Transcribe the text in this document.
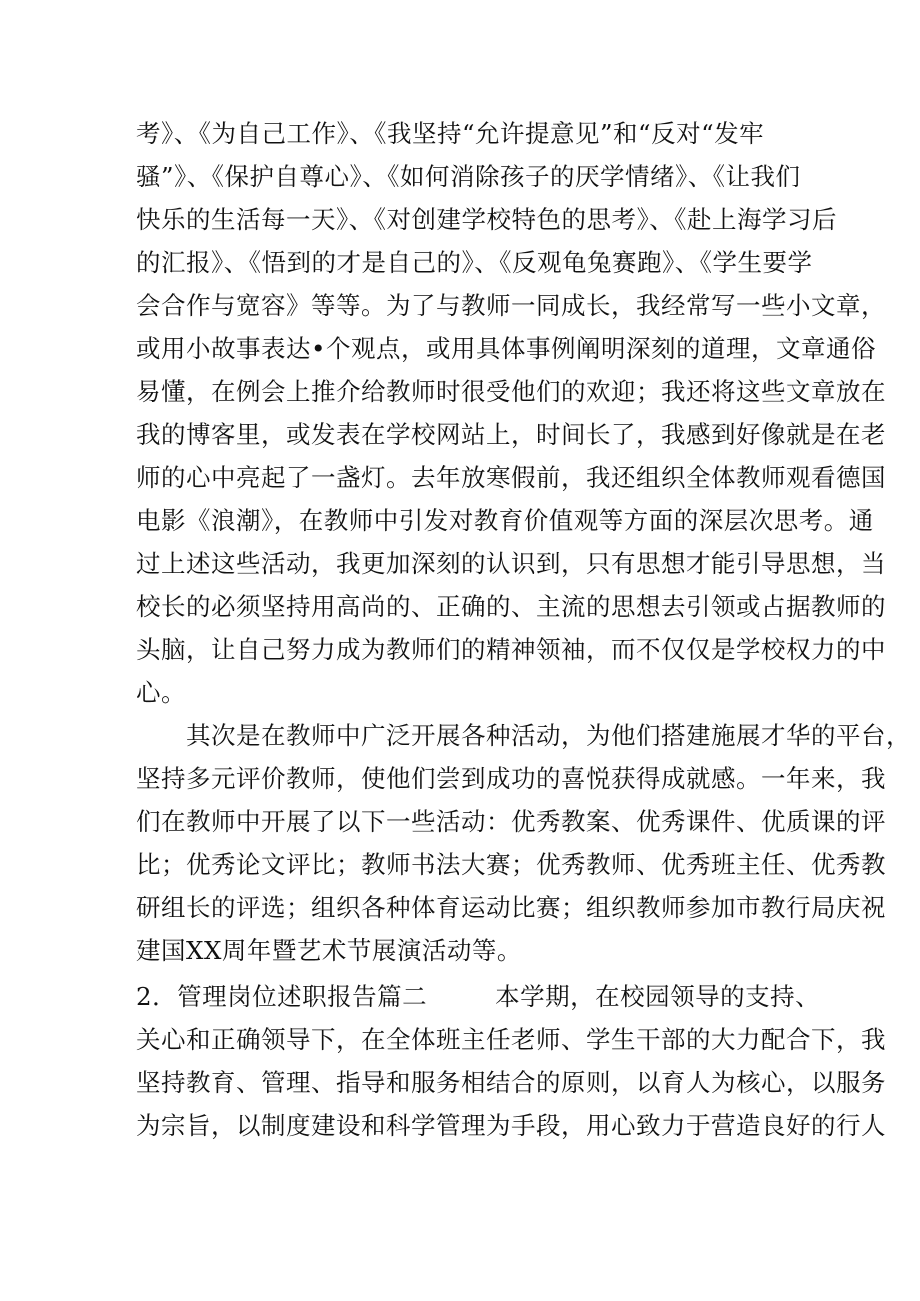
考》、《为自己工作》、《我坚持“允许提意见”和“反对“发牢
骚”》、《保护自尊心》、《如何消除孩子的厌学情绪》、《让我们
快乐的生活每一天》、《对创建学校特色的思考》、《赴上海学习后
的汇报》、《悟到的才是自己的》、《反观龟兔赛跑》、《学生要学
会合作与宽容》等等。为了与教师一同成长，我经常写一些小文章，
或用小故事表达•个观点，或用具体事例阐明深刻的道理，文章通俗
易懂，在例会上推介给教师时很受他们的欢迎；我还将这些文章放在
我的博客里，或发表在学校网站上，时间长了，我感到好像就是在老
师的心中亮起了一盏灯。去年放寒假前，我还组织全体教师观看德国
电影《浪潮》，在教师中引发对教育价值观等方面的深层次思考。通
过上述这些活动，我更加深刻的认识到，只有思想才能引导思想，当
校长的必须坚持用高尚的、正确的、主流的思想去引领或占据教师的
头脑，让自己努力成为教师们的精神领袖，而不仅仅是学校权力的中
心。
　　其次是在教师中广泛开展各种活动，为他们搭建施展才华的平台，
坚持多元评价教师，使他们尝到成功的喜悦获得成就感。一年来，我
们在教师中开展了以下一些活动：优秀教案、优秀课件、优质课的评
比；优秀论文评比；教师书法大赛；优秀教师、优秀班主任、优秀教
研组长的评选；组织各种体育运动比赛；组织教师参加市教行局庆祝
建国XX周年暨艺术节展演活动等。
2．管理岗位述职报告篇二	本学期，在校园领导的支持、
关心和正确领导下，在全体班主任老师、学生干部的大力配合下，我
坚持教育、管理、指导和服务相结合的原则，以育人为核心，以服务
为宗旨，以制度建设和科学管理为手段，用心致力于营造良好的行人
